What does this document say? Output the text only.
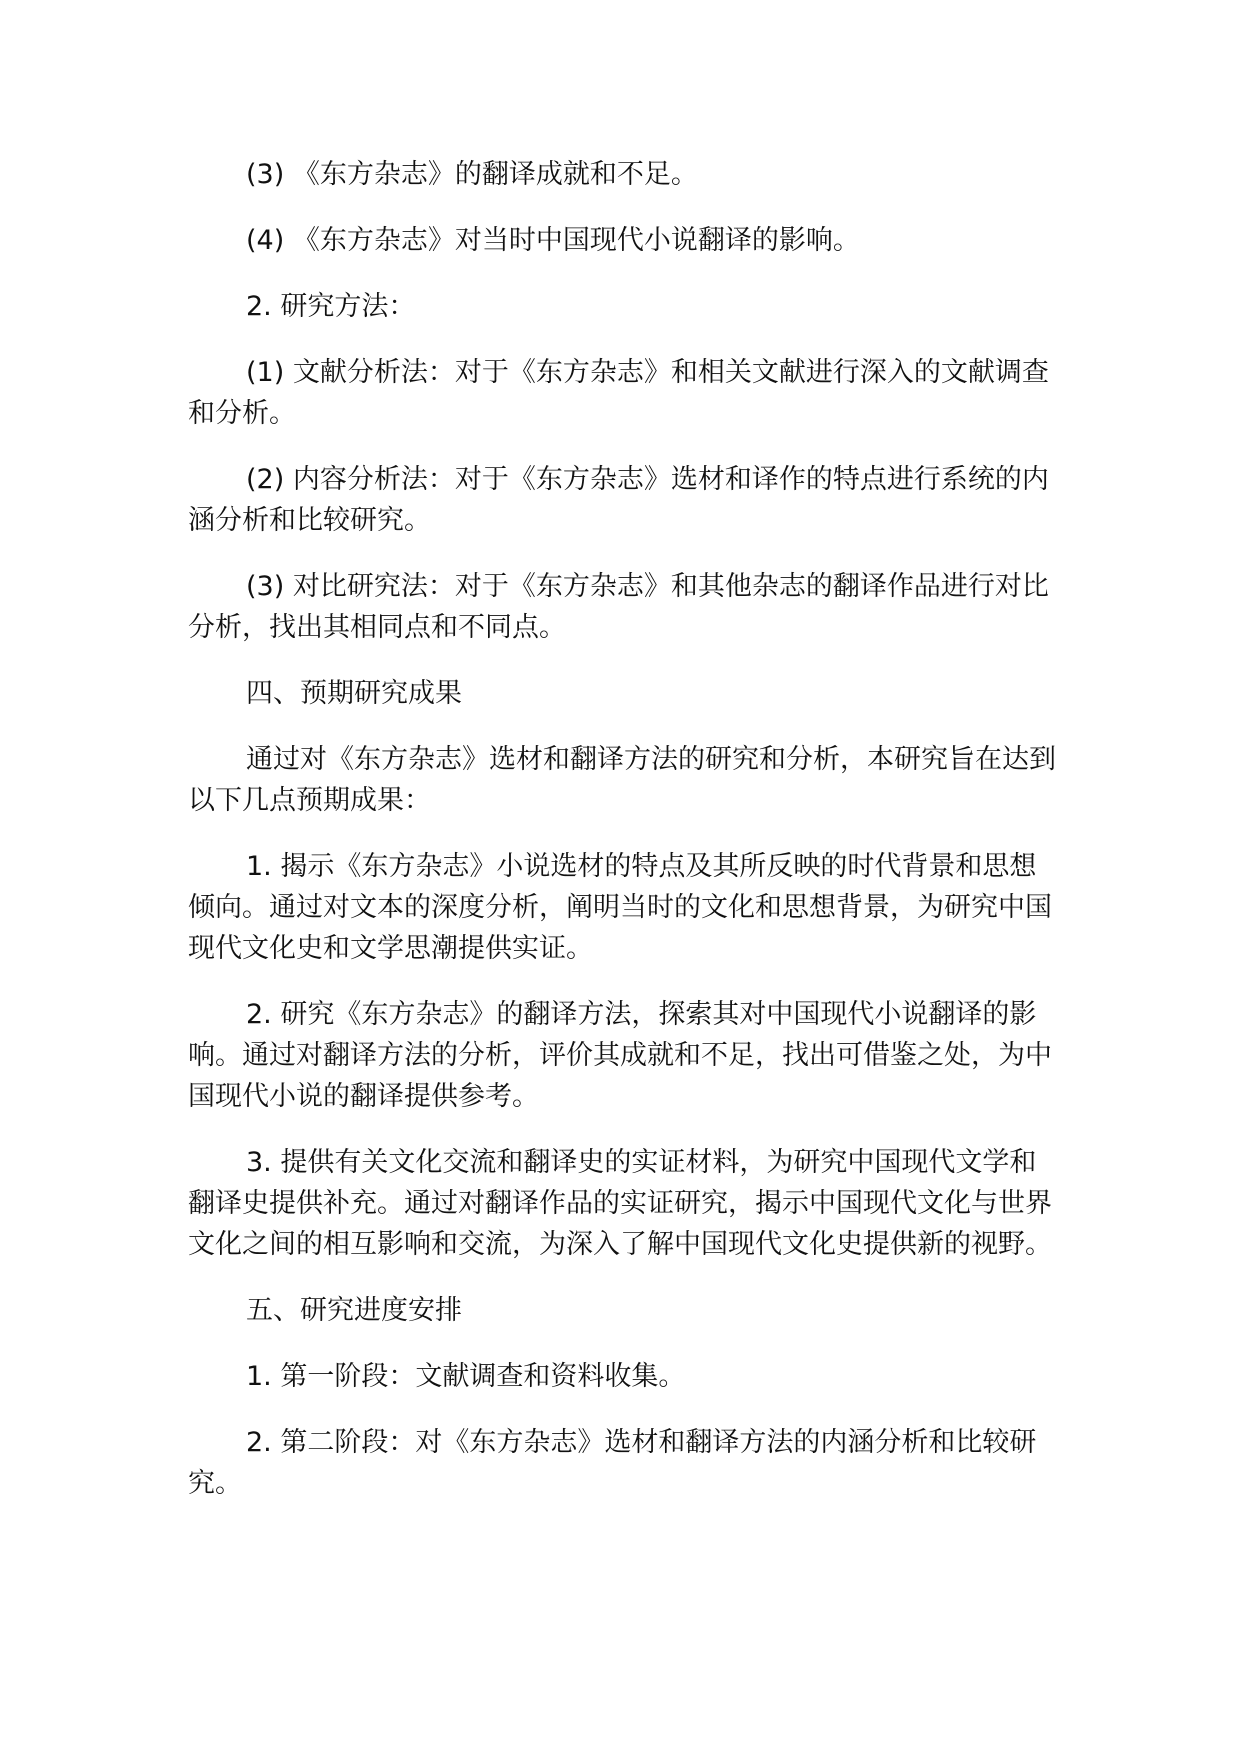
(3) 《东方杂志》的翻译成就和不足。

(4) 《东方杂志》对当时中国现代小说翻译的影响。

2. 研究方法：

(1) 文献分析法：对于《东方杂志》和相关文献进行深入的文献调查和分析。

(2) 内容分析法：对于《东方杂志》选材和译作的特点进行系统的内涵分析和比较研究。

(3) 对比研究法：对于《东方杂志》和其他杂志的翻译作品进行对比分析，找出其相同点和不同点。

四、预期研究成果

通过对《东方杂志》选材和翻译方法的研究和分析，本研究旨在达到以下几点预期成果：

1. 揭示《东方杂志》小说选材的特点及其所反映的时代背景和思想倾向。通过对文本的深度分析，阐明当时的文化和思想背景，为研究中国现代文化史和文学思潮提供实证。

2. 研究《东方杂志》的翻译方法，探索其对中国现代小说翻译的影响。通过对翻译方法的分析，评价其成就和不足，找出可借鉴之处，为中国现代小说的翻译提供参考。

3. 提供有关文化交流和翻译史的实证材料，为研究中国现代文学和翻译史提供补充。通过对翻译作品的实证研究，揭示中国现代文化与世界文化之间的相互影响和交流，为深入了解中国现代文化史提供新的视野。

五、研究进度安排

1. 第一阶段：文献调查和资料收集。

2. 第二阶段：对《东方杂志》选材和翻译方法的内涵分析和比较研究。
